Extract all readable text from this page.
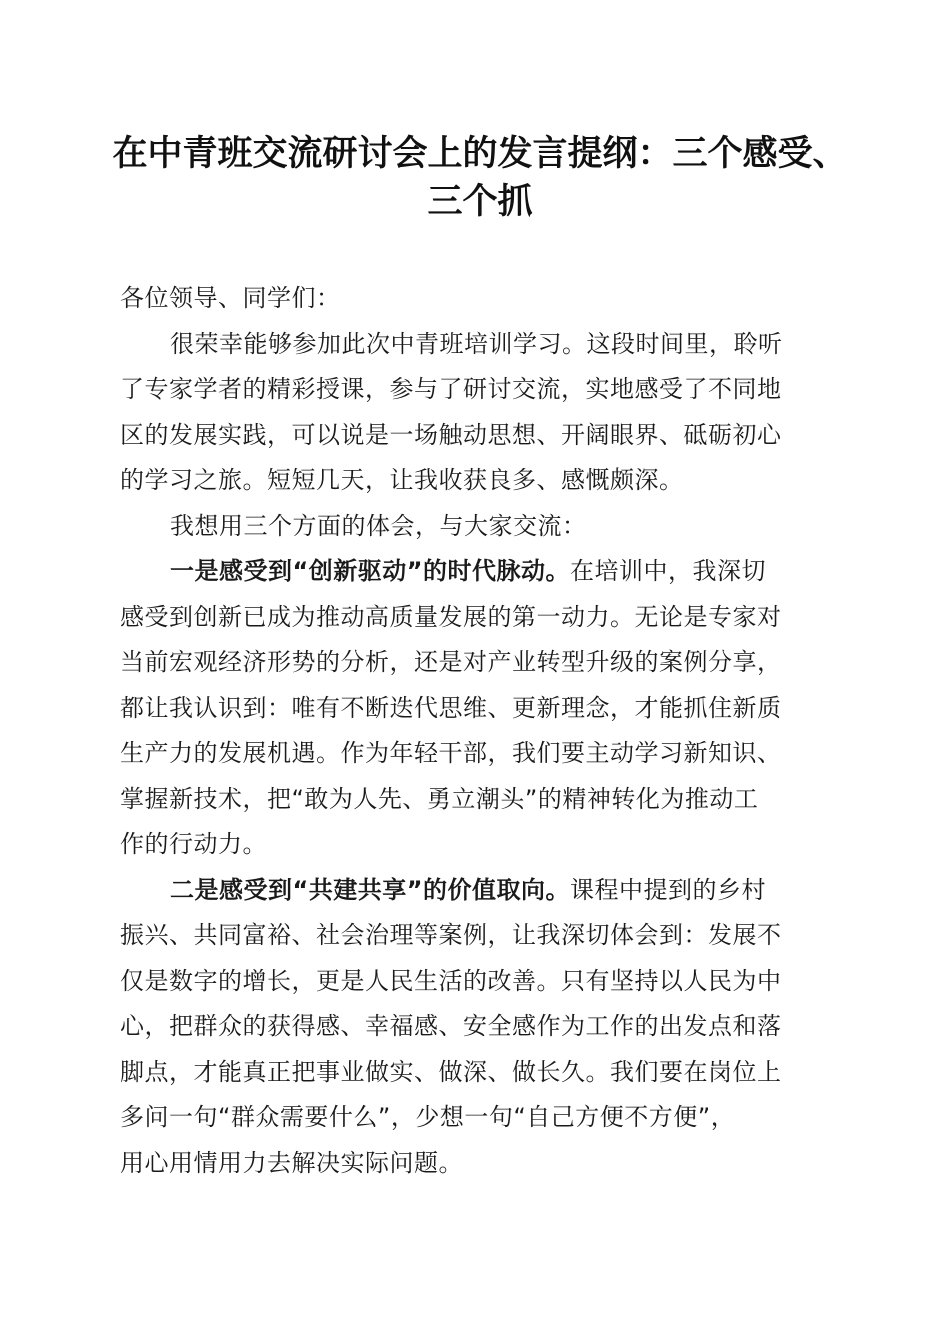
在中青班交流研讨会上的发言提纲：三个感受、
三个抓
各位领导、同学们：
很荣幸能够参加此次中青班培训学习。这段时间里，聆听
了专家学者的精彩授课，参与了研讨交流，实地感受了不同地
区的发展实践，可以说是一场触动思想、开阔眼界、砥砺初心
的学习之旅。短短几天，让我收获良多、感慨颇深。
我想用三个方面的体会，与大家交流：
一是感受到“创新驱动”的时代脉动。在培训中，我深切
感受到创新已成为推动高质量发展的第一动力。无论是专家对
当前宏观经济形势的分析，还是对产业转型升级的案例分享，
都让我认识到：唯有不断迭代思维、更新理念，才能抓住新质
生产力的发展机遇。作为年轻干部，我们要主动学习新知识、
掌握新技术，把“敢为人先、勇立潮头”的精神转化为推动工
作的行动力。
二是感受到“共建共享”的价值取向。课程中提到的乡村
振兴、共同富裕、社会治理等案例，让我深切体会到：发展不
仅是数字的增长，更是人民生活的改善。只有坚持以人民为中
心，把群众的获得感、幸福感、安全感作为工作的出发点和落
脚点，才能真正把事业做实、做深、做长久。我们要在岗位上
多问一句“群众需要什么”，少想一句“自己方便不方便”，
用心用情用力去解决实际问题。
